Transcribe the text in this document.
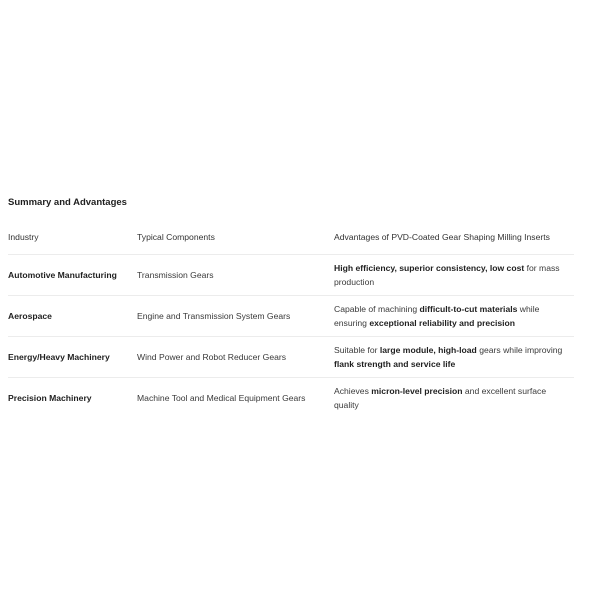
Summary and Advantages
Industry	Typical Components	Advantages of PVD-Coated Gear Shaping Milling Inserts
Automotive Manufacturing	Transmission Gears	High efficiency, superior consistency, low cost for mass production
Aerospace	Engine and Transmission System Gears	Capable of machining difficult-to-cut materials while ensuring exceptional reliability and precision
Energy/Heavy Machinery	Wind Power and Robot Reducer Gears	Suitable for large module, high-load gears while improving flank strength and service life
Precision Machinery	Machine Tool and Medical Equipment Gears	Achieves micron-level precision and excellent surface quality
